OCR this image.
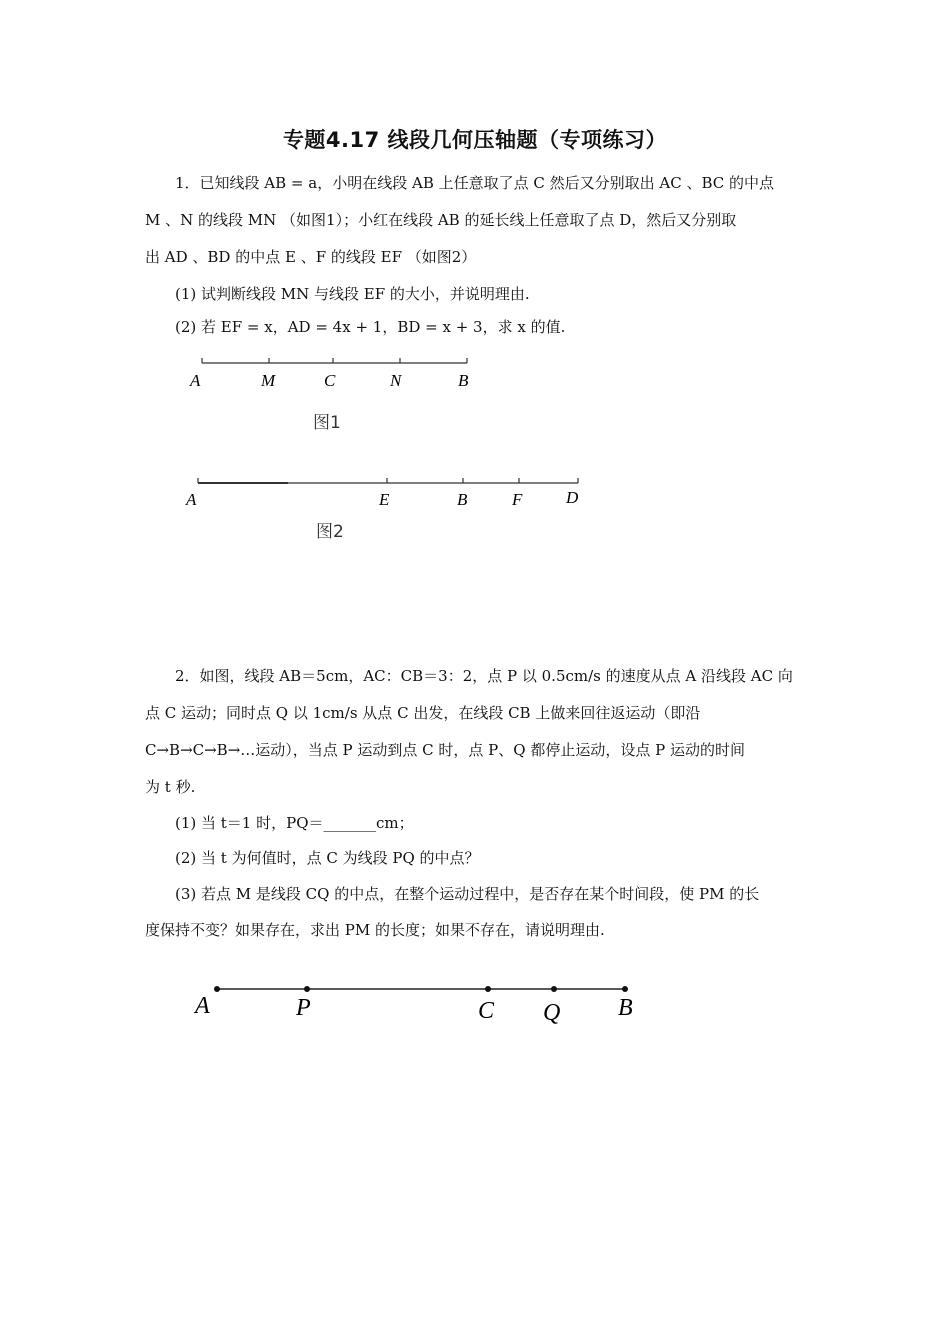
专题4.17 线段几何压轴题（专项练习）
1．已知线段 AB = a，小明在线段 AB 上任意取了点 C 然后又分别取出 AC 、BC 的中点
M 、N 的线段 MN （如图1）；小红在线段 AB 的延长线上任意取了点 D，然后又分别取
出 AD 、BD 的中点 E 、F 的线段 EF （如图2）
(1) 试判断线段 MN 与线段 EF 的大小，并说明理由.
(2) 若 EF = x，AD = 4x + 1，BD = x + 3，求 x 的值.
A	M	C	N	B
图1
A	E	B	F	D
图2
2．如图，线段 AB＝5cm，AC：CB＝3：2，点 P 以 0.5cm/s 的速度从点 A 沿线段 AC 向
点 C 运动；同时点 Q 以 1cm/s 从点 C 出发，在线段 CB 上做来回往返运动（即沿
C→B→C→B→…运动），当点 P 运动到点 C 时，点 P、Q 都停止运动，设点 P 运动的时间
为 t 秒.
(1) 当 t＝1 时，PQ＝_______cm；
(2) 当 t 为何值时，点 C 为线段 PQ 的中点？
(3) 若点 M 是线段 CQ 的中点，在整个运动过程中，是否存在某个时间段，使 PM 的长
度保持不变？如果存在，求出 PM 的长度；如果不存在，请说明理由.
A	P	C Q B
